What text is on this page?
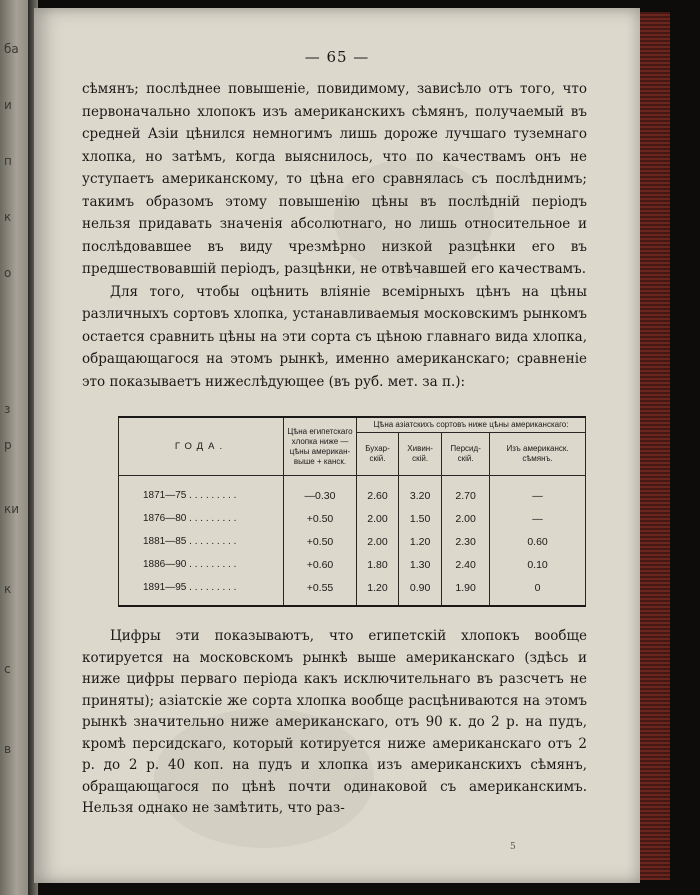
ба
и
п
к
о
з
р
ки
к
с
в
— 65 —

сѣмянъ; послѣднее повышеніе, повидимому, зависѣло отъ того, что первоначально хлопокъ изъ американскихъ сѣмянъ, получаемый въ средней Азіи цѣнился немногимъ лишь дороже лучшаго туземнаго хлопка, но затѣмъ, когда выяснилось, что по качествамъ онъ не уступаетъ американскому, то цѣна его сравнялась съ послѣднимъ; такимъ образомъ этому повышенію цѣны въ послѣдній періодъ нельзя придавать значенія абсолютнаго, но лишь относительное и послѣдовавшее въ виду чрезмѣрно низкой разцѣнки его въ предшествовавшій періодъ, разцѣнки, не отвѣчавшей его качествамъ.

Для того, чтобы оцѣнить вліяніе всемірныхъ цѣнъ на цѣны различныхъ сортовъ хлопка, устанавливаемыя московскимъ рынкомъ остается сравнить цѣны на эти сорта съ цѣною главнаго вида хлопка, обращающагося на этомъ рынкѣ, именно американскаго; сравненіе это показываетъ нижеслѣдующее (въ руб. мет. за п.):

ГОДА.	Цѣна египетскаго хлопка ниже — цѣны американ выше + канск.	Цѣна азіатскихъ сортовъ ниже цѣны американскаго:			
		Бухарскій.	Хивинскій.	Персидскій.	Изъ американск. сѣмянъ.
1871—75 . . . . . . . . .	—0.30	2.60	3.20	2.70	—
1876—80 . . . . . . . . .	+0.50	2.00	1.50	2.00	—
1881—85 . . . . . . . . .	+0.50	2.00	1.20	2.30	0.60
1886—90 . . . . . . . . .	+0.60	1.80	1.30	2.40	0.10
1891—95 . . . . . . . . .	+0.55	1.20	0.90	1.90	0

Цифры эти показываютъ, что египетскій хлопокъ вообще котируется на московскомъ рынкѣ выше американскаго (здѣсь и ниже цифры перваго періода какъ исключительнаго въ разсчетъ не приняты); азіатскіе же сорта хлопка вообще расцѣниваются на этомъ рынкѣ значительно ниже американскаго, отъ 90 к. до 2 р. на пудъ, кромѣ персидскаго, который котируется ниже американскаго отъ 2 р. до 2 р. 40 коп. на пудъ и хлопка изъ американскихъ сѣмянъ, обращающагося по цѣнѣ почти одинаковой съ американскимъ. Нельзя однако не замѣтить, что раз-

5
